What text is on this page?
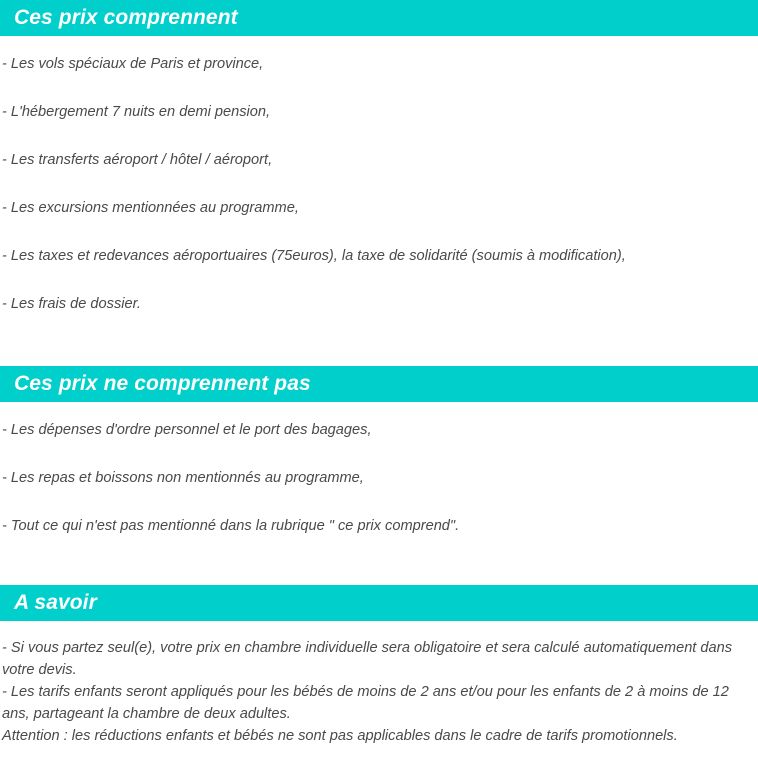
Ces prix comprennent
- Les vols spéciaux de Paris et province,
- L'hébergement 7 nuits en demi pension,
- Les transferts aéroport / hôtel / aéroport,
- Les excursions mentionnées au programme,
- Les taxes et redevances aéroportuaires (75euros), la taxe de solidarité (soumis à modification),
- Les frais de dossier.
Ces prix ne comprennent pas
- Les dépenses d'ordre personnel et le port des bagages,
- Les repas et boissons non mentionnés au programme,
- Tout ce qui n'est pas mentionné dans la rubrique " ce prix comprend".
A savoir
- Si vous partez seul(e), votre prix en chambre individuelle sera obligatoire et sera calculé automatiquement dans votre devis.
- Les tarifs enfants seront appliqués pour les bébés de moins de 2 ans et/ou pour les enfants de 2 à moins de 12 ans, partageant la chambre de deux adultes.
Attention : les réductions enfants et bébés ne sont pas applicables dans le cadre de tarifs promotionnels.
